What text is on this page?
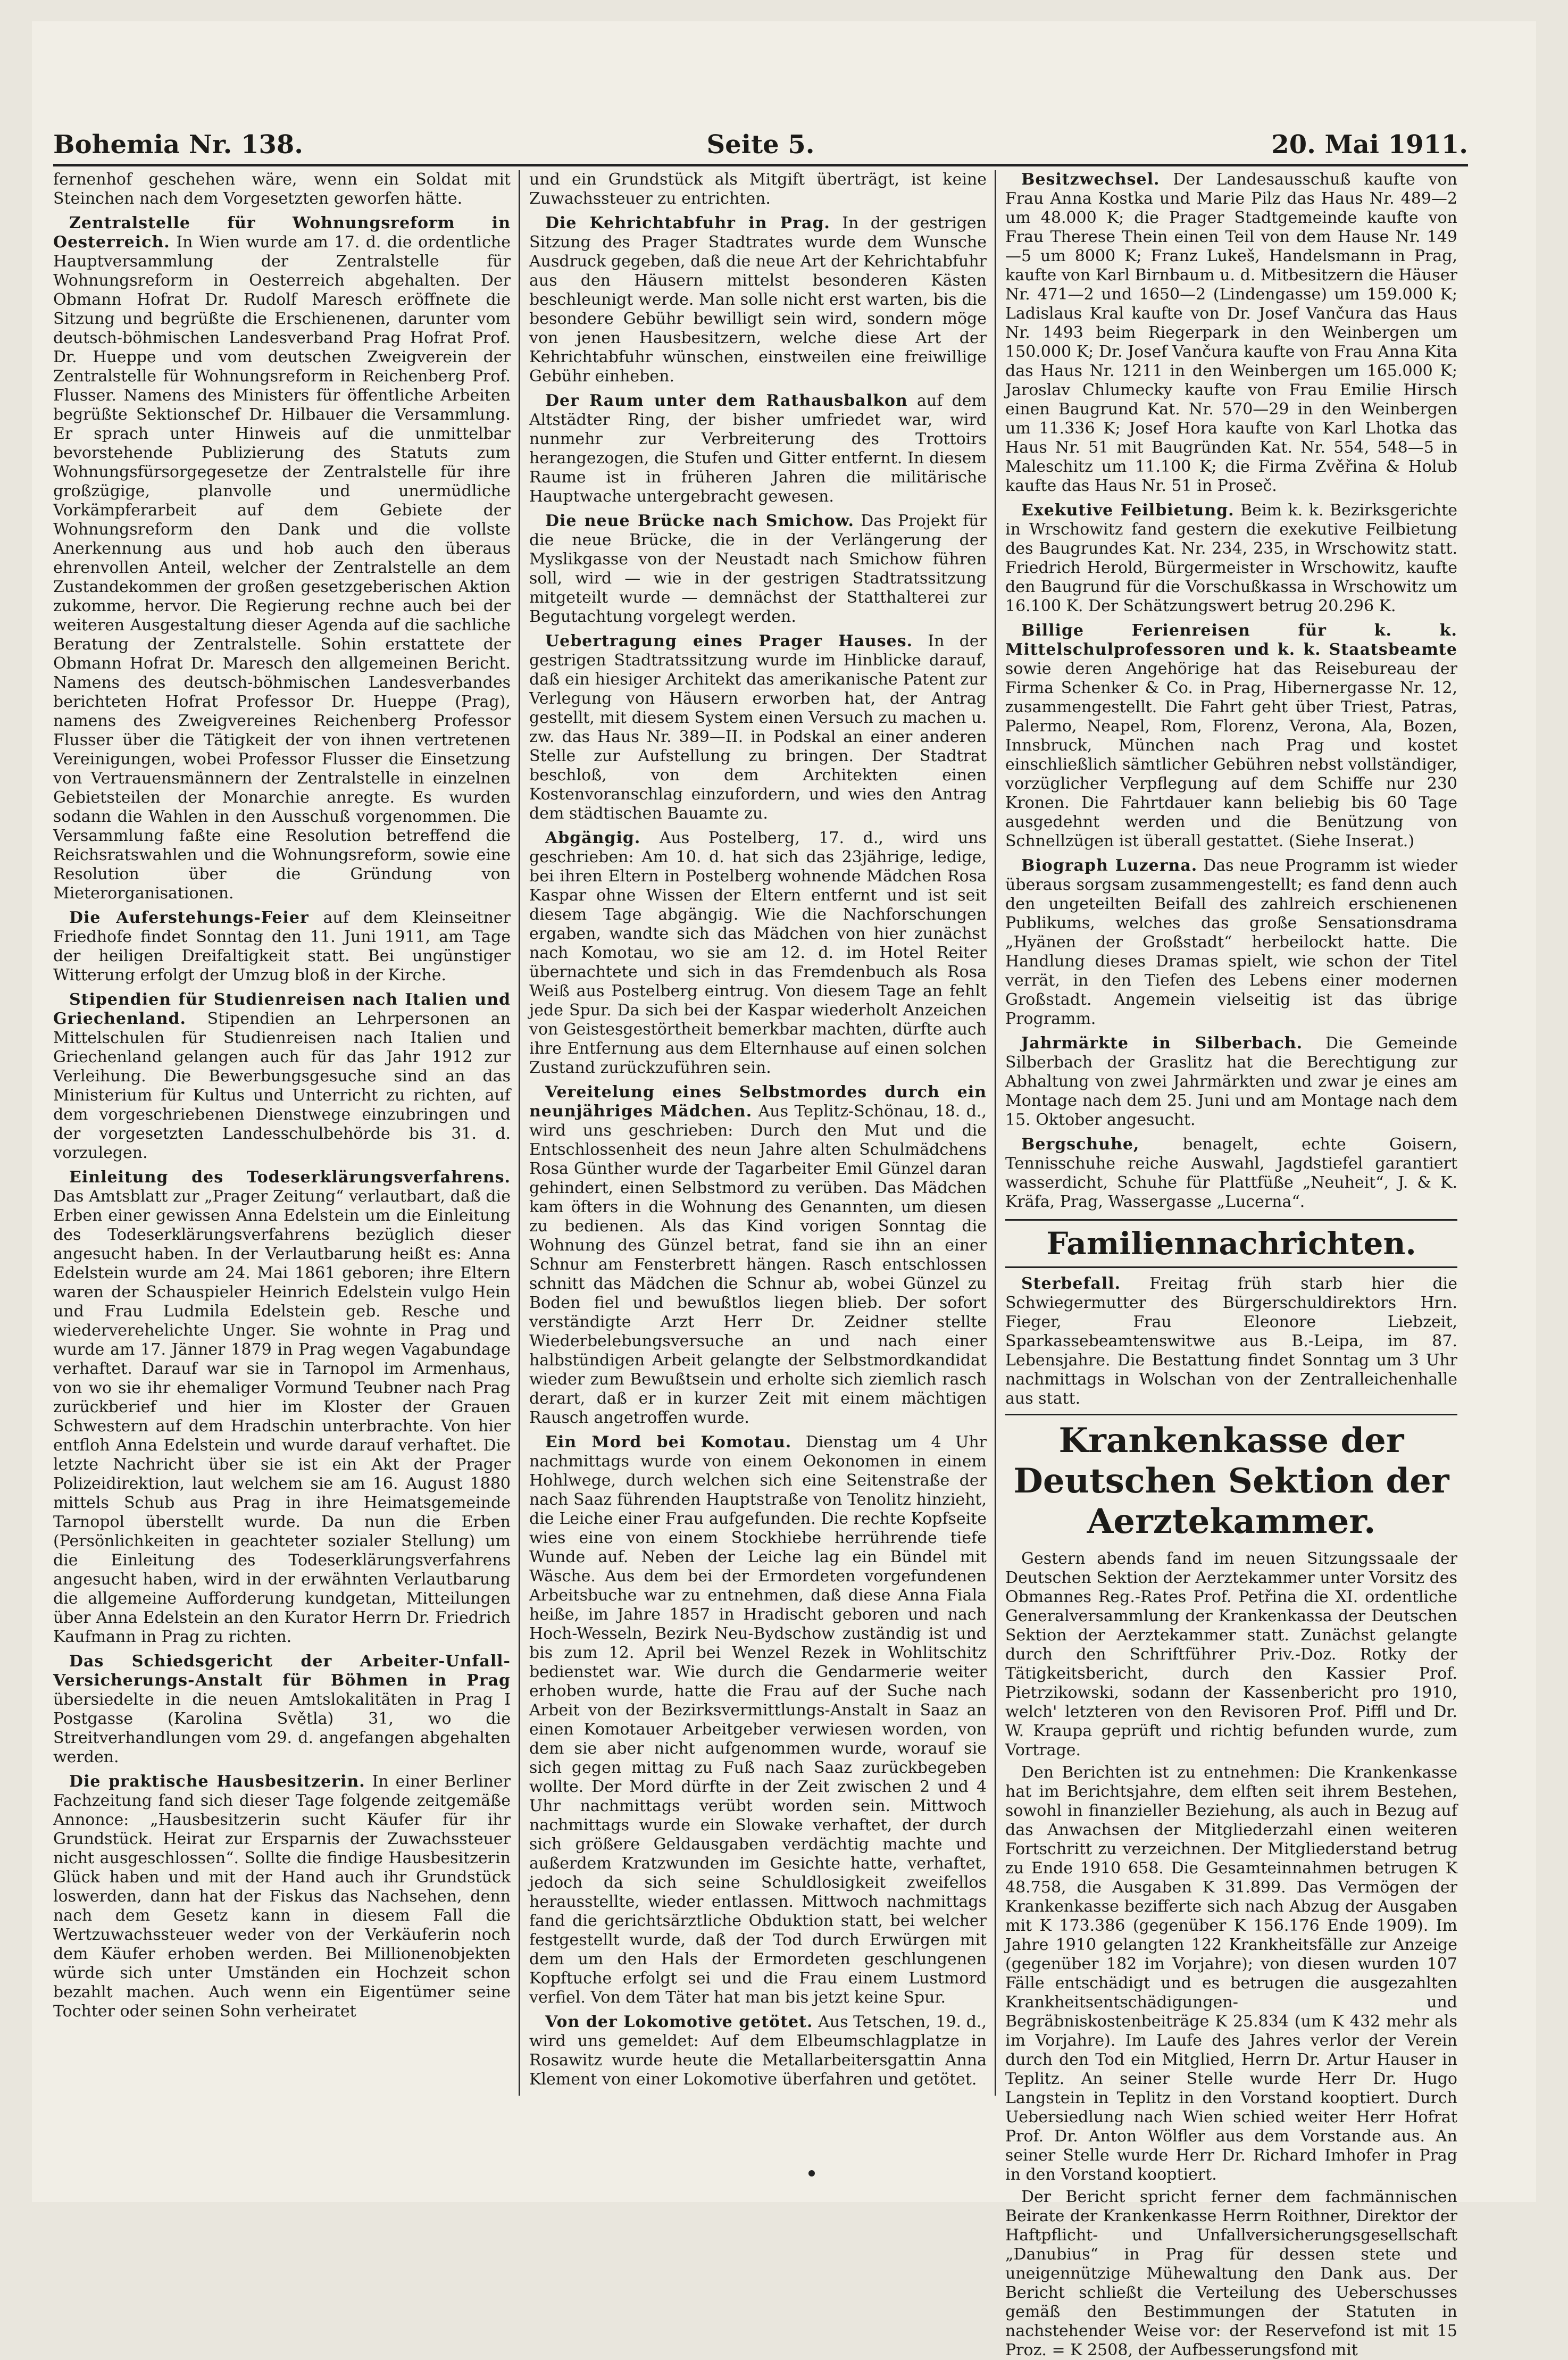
Bohemia Nr. 138.	Seite 5.	20. Mai 1911.

fernenhof geschehen wäre, wenn ein Soldat mit Steinchen nach dem Vorgesetzten geworfen hätte.

Zentralstelle für Wohnungsreform in Oesterreich. In Wien wurde am 17. d. die ordentliche Hauptversammlung der Zentralstelle für Wohnungsreform in Oesterreich abgehalten. Der Obmann Hofrat Dr. Rudolf Maresch eröffnete die Sitzung und begrüßte die Erschienenen, darunter vom deutsch-böhmischen Landesverband Prag Hofrat Prof. Dr. Hueppe und vom deutschen Zweigverein der Zentralstelle für Wohnungsreform in Reichenberg Prof. Flusser. Namens des Ministers für öffentliche Arbeiten begrüßte Sektionschef Dr. Hilbauer die Versammlung. Er sprach unter Hinweis auf die unmittelbar bevorstehende Publizierung des Statuts zum Wohnungsfürsorgegesetze der Zentralstelle für ihre großzügige, planvolle und unermüdliche Vorkämpferarbeit auf dem Gebiete der Wohnungsreform den Dank und die vollste Anerkennung aus und hob auch den überaus ehrenvollen Anteil, welcher der Zentralstelle an dem Zustandekommen der großen gesetzgeberischen Aktion zukomme, hervor. Die Regierung rechne auch bei der weiteren Ausgestaltung dieser Agenda auf die sachliche Beratung der Zentralstelle. Sohin erstattete der Obmann Hofrat Dr. Maresch den allgemeinen Bericht. Namens des deutsch-böhmischen Landesverbandes berichteten Hofrat Professor Dr. Hueppe (Prag), namens des Zweigvereines Reichenberg Professor Flusser über die Tätigkeit der von ihnen vertretenen Vereinigungen, wobei Professor Flusser die Einsetzung von Vertrauensmännern der Zentralstelle in einzelnen Gebietsteilen der Monarchie anregte. Es wurden sodann die Wahlen in den Ausschuß vorgenommen. Die Versammlung faßte eine Resolution betreffend die Reichsratswahlen und die Wohnungsreform, sowie eine Resolution über die Gründung von Mieterorganisationen.

Die Auferstehungs-Feier auf dem Kleinseitner Friedhofe findet Sonntag den 11. Juni 1911, am Tage der heiligen Dreifaltigkeit statt. Bei ungünstiger Witterung erfolgt der Umzug bloß in der Kirche.

Stipendien für Studienreisen nach Italien und Griechenland. Stipendien an Lehrpersonen an Mittelschulen für Studienreisen nach Italien und Griechenland gelangen auch für das Jahr 1912 zur Verleihung. Die Bewerbungsgesuche sind an das Ministerium für Kultus und Unterricht zu richten, auf dem vorgeschriebenen Dienstwege einzubringen und der vorgesetzten Landesschulbehörde bis 31. d. vorzulegen.

Einleitung des Todeserklärungsverfahrens. Das Amtsblatt zur „Prager Zeitung“ verlautbart, daß die Erben einer gewissen Anna Edelstein um die Einleitung des Todeserklärungsverfahrens bezüglich dieser angesucht haben. In der Verlautbarung heißt es: Anna Edelstein wurde am 24. Mai 1861 geboren; ihre Eltern waren der Schauspieler Heinrich Edelstein vulgo Hein und Frau Ludmila Edelstein geb. Resche und wiederverehelichte Unger. Sie wohnte in Prag und wurde am 17. Jänner 1879 in Prag wegen Vagabundage verhaftet. Darauf war sie in Tarnopol im Armenhaus, von wo sie ihr ehemaliger Vormund Teubner nach Prag zurückberief und hier im Kloster der Grauen Schwestern auf dem Hradschin unterbrachte. Von hier entfloh Anna Edelstein und wurde darauf verhaftet. Die letzte Nachricht über sie ist ein Akt der Prager Polizeidirektion, laut welchem sie am 16. August 1880 mittels Schub aus Prag in ihre Heimatsgemeinde Tarnopol überstellt wurde. Da nun die Erben (Persönlichkeiten in geachteter sozialer Stellung) um die Einleitung des Todeserklärungsverfahrens angesucht haben, wird in der erwähnten Verlautbarung die allgemeine Aufforderung kundgetan, Mitteilungen über Anna Edelstein an den Kurator Herrn Dr. Friedrich Kaufmann in Prag zu richten.

Das Schiedsgericht der Arbeiter-Unfall-Versicherungs-Anstalt für Böhmen in Prag übersiedelte in die neuen Amtslokalitäten in Prag I Postgasse (Karolina Světla) 31, wo die Streitverhandlungen vom 29. d. angefangen abgehalten werden.

Die praktische Hausbesitzerin. In einer Berliner Fachzeitung fand sich dieser Tage folgende zeitgemäße Annonce: „Hausbesitzerin sucht Käufer für ihr Grundstück. Heirat zur Ersparnis der Zuwachssteuer nicht ausgeschlossen“. Sollte die findige Hausbesitzerin Glück haben und mit der Hand auch ihr Grundstück loswerden, dann hat der Fiskus das Nachsehen, denn nach dem Gesetz kann in diesem Fall die Wertzuwachssteuer weder von der Verkäuferin noch dem Käufer erhoben werden. Bei Millionenobjekten würde sich unter Umständen ein Hochzeit schon bezahlt machen. Auch wenn ein Eigentümer seine Tochter oder seinen Sohn verheiratet

und ein Grundstück als Mitgift überträgt, ist keine Zuwachssteuer zu entrichten.

Die Kehrichtabfuhr in Prag. In der gestrigen Sitzung des Prager Stadtrates wurde dem Wunsche Ausdruck gegeben, daß die neue Art der Kehrichtabfuhr aus den Häusern mittelst besonderen Kästen beschleunigt werde. Man solle nicht erst warten, bis die besondere Gebühr bewilligt sein wird, sondern möge von jenen Hausbesitzern, welche diese Art der Kehrichtabfuhr wünschen, einstweilen eine freiwillige Gebühr einheben.

Der Raum unter dem Rathausbalkon auf dem Altstädter Ring, der bisher umfriedet war, wird nunmehr zur Verbreiterung des Trottoirs herangezogen, die Stufen und Gitter entfernt. In diesem Raume ist in früheren Jahren die militärische Hauptwache untergebracht gewesen.

Die neue Brücke nach Smichow. Das Projekt für die neue Brücke, die in der Verlängerung der Myslikgasse von der Neustadt nach Smichow führen soll, wird — wie in der gestrigen Stadtratssitzung mitgeteilt wurde — demnächst der Statthalterei zur Begutachtung vorgelegt werden.

Uebertragung eines Prager Hauses. In der gestrigen Stadtratssitzung wurde im Hinblicke darauf, daß ein hiesiger Architekt das amerikanische Patent zur Verlegung von Häusern erworben hat, der Antrag gestellt, mit diesem System einen Versuch zu machen u. zw. das Haus Nr. 389—II. in Podskal an einer anderen Stelle zur Aufstellung zu bringen. Der Stadtrat beschloß, von dem Architekten einen Kostenvoranschlag einzufordern, und wies den Antrag dem städtischen Bauamte zu.

Abgängig. Aus Postelberg, 17. d., wird uns geschrieben: Am 10. d. hat sich das 23jährige, ledige, bei ihren Eltern in Postelberg wohnende Mädchen Rosa Kaspar ohne Wissen der Eltern entfernt und ist seit diesem Tage abgängig. Wie die Nachforschungen ergaben, wandte sich das Mädchen von hier zunächst nach Komotau, wo sie am 12. d. im Hotel Reiter übernachtete und sich in das Fremdenbuch als Rosa Weiß aus Postelberg eintrug. Von diesem Tage an fehlt jede Spur. Da sich bei der Kaspar wiederholt Anzeichen von Geistesgestörtheit bemerkbar machten, dürfte auch ihre Entfernung aus dem Elternhause auf einen solchen Zustand zurückzuführen sein.

Vereitelung eines Selbstmordes durch ein neunjähriges Mädchen. Aus Teplitz-Schönau, 18. d., wird uns geschrieben: Durch den Mut und die Entschlossenheit des neun Jahre alten Schulmädchens Rosa Günther wurde der Tagarbeiter Emil Günzel daran gehindert, einen Selbstmord zu verüben. Das Mädchen kam öfters in die Wohnung des Genannten, um diesen zu bedienen. Als das Kind vorigen Sonntag die Wohnung des Günzel betrat, fand sie ihn an einer Schnur am Fensterbrett hängen. Rasch entschlossen schnitt das Mädchen die Schnur ab, wobei Günzel zu Boden fiel und bewußtlos liegen blieb. Der sofort verständigte Arzt Herr Dr. Zeidner stellte Wiederbelebungsversuche an und nach einer halbstündigen Arbeit gelangte der Selbstmordkandidat wieder zum Bewußtsein und erholte sich ziemlich rasch derart, daß er in kurzer Zeit mit einem mächtigen Rausch angetroffen wurde.

Ein Mord bei Komotau. Dienstag um 4 Uhr nachmittags wurde von einem Oekonomen in einem Hohlwege, durch welchen sich eine Seitenstraße der nach Saaz führenden Hauptstraße von Tenolitz hinzieht, die Leiche einer Frau aufgefunden. Die rechte Kopfseite wies eine von einem Stockhiebe herrührende tiefe Wunde auf. Neben der Leiche lag ein Bündel mit Wäsche. Aus dem bei der Ermordeten vorgefundenen Arbeitsbuche war zu entnehmen, daß diese Anna Fiala heiße, im Jahre 1857 in Hradischt geboren und nach Hoch-Wesseln, Bezirk Neu-Bydschow zuständig ist und bis zum 12. April bei Wenzel Rezek in Wohlitschitz bedienstet war. Wie durch die Gendarmerie weiter erhoben wurde, hatte die Frau auf der Suche nach Arbeit von der Bezirksvermittlungs-Anstalt in Saaz an einen Komotauer Arbeitgeber verwiesen worden, von dem sie aber nicht aufgenommen wurde, worauf sie sich gegen mittag zu Fuß nach Saaz zurückbegeben wollte. Der Mord dürfte in der Zeit zwischen 2 und 4 Uhr nachmittags verübt worden sein. Mittwoch nachmittags wurde ein Slowake verhaftet, der durch sich größere Geldausgaben verdächtig machte und außerdem Kratzwunden im Gesichte hatte, verhaftet, jedoch da sich seine Schuldlosigkeit zweifellos herausstellte, wieder entlassen. Mittwoch nachmittags fand die gerichtsärztliche Obduktion statt, bei welcher festgestellt wurde, daß der Tod durch Erwürgen mit dem um den Hals der Ermordeten geschlungenen Kopftuche erfolgt sei und die Frau einem Lustmord verfiel. Von dem Täter hat man bis jetzt keine Spur.

Von der Lokomotive getötet. Aus Tetschen, 19. d., wird uns gemeldet: Auf dem Elbeumschlagplatze in Rosawitz wurde heute die Metallarbeitersgattin Anna Klement von einer Lokomotive überfahren und getötet.

Besitzwechsel. Der Landesausschuß kaufte von Frau Anna Kostka und Marie Pilz das Haus Nr. 489—2 um 48.000 K; die Prager Stadtgemeinde kaufte von Frau Therese Thein einen Teil von dem Hause Nr. 149—5 um 8000 K; Franz Lukeš, Handelsmann in Prag, kaufte von Karl Birnbaum u. d. Mitbesitzern die Häuser Nr. 471—2 und 1650—2 (Lindengasse) um 159.000 K; Ladislaus Kral kaufte von Dr. Josef Vančura das Haus Nr. 1493 beim Riegerpark in den Weinbergen um 150.000 K; Dr. Josef Vančura kaufte von Frau Anna Kita das Haus Nr. 1211 in den Weinbergen um 165.000 K; Jaroslav Chlumecky kaufte von Frau Emilie Hirsch einen Baugrund Kat. Nr. 570—29 in den Weinbergen um 11.336 K; Josef Hora kaufte von Karl Lhotka das Haus Nr. 51 mit Baugründen Kat. Nr. 554, 548—5 in Maleschitz um 11.100 K; die Firma Zvěřina & Holub kaufte das Haus Nr. 51 in Proseč.

Exekutive Feilbietung. Beim k. k. Bezirksgerichte in Wrschowitz fand gestern die exekutive Feilbietung des Baugrundes Kat. Nr. 234, 235, in Wrschowitz statt. Friedrich Herold, Bürgermeister in Wrschowitz, kaufte den Baugrund für die Vorschußkassa in Wrschowitz um 16.100 K. Der Schätzungswert betrug 20.296 K.

Billige Ferienreisen für k. k. Mittelschulprofessoren und k. k. Staatsbeamte sowie deren Angehörige hat das Reisebureau der Firma Schenker & Co. in Prag, Hibernergasse Nr. 12, zusammengestellt. Die Fahrt geht über Triest, Patras, Palermo, Neapel, Rom, Florenz, Verona, Ala, Bozen, Innsbruck, München nach Prag und kostet einschließlich sämtlicher Gebühren nebst vollständiger, vorzüglicher Verpflegung auf dem Schiffe nur 230 Kronen. Die Fahrtdauer kann beliebig bis 60 Tage ausgedehnt werden und die Benützung von Schnellzügen ist überall gestattet. (Siehe Inserat.)

Biograph Luzerna. Das neue Programm ist wieder überaus sorgsam zusammengestellt; es fand denn auch den ungeteilten Beifall des zahlreich erschienenen Publikums, welches das große Sensationsdrama „Hyänen der Großstadt“ herbeilockt hatte. Die Handlung dieses Dramas spielt, wie schon der Titel verrät, in den Tiefen des Lebens einer modernen Großstadt. Angemein vielseitig ist das übrige Programm.

Jahrmärkte in Silberbach. Die Gemeinde Silberbach der Graslitz hat die Berechtigung zur Abhaltung von zwei Jahrmärkten und zwar je eines am Montage nach dem 25. Juni und am Montage nach dem 15. Oktober angesucht.

Bergschuhe,	benagelt, echte Goisern, Tennisschuhe reiche Auswahl, Jagdstiefel garantiert wasserdicht, Schuhe für Plattfüße „Neuheit“, J. & K. Kräfa, Prag, Wassergasse „Lucerna“.

Familiennachrichten.

Sterbefall. Freitag früh starb hier die Schwiegermutter des Bürgerschuldirektors Hrn. Fieger, Frau Eleonore Liebzeit, Sparkassebeamtenswitwe aus B.-Leipa, im 87. Lebensjahre. Die Bestattung findet Sonntag um 3 Uhr nachmittags in Wolschan von der Zentralleichenhalle aus statt.

Krankenkasse der Deutschen Sektion der Aerztekammer.

Gestern abends fand im neuen Sitzungssaale der Deutschen Sektion der Aerztekammer unter Vorsitz des Obmannes Reg.-Rates Prof. Petřina die XI. ordentliche Generalversammlung der Krankenkassa der Deutschen Sektion der Aerztekammer statt. Zunächst gelangte durch den Schriftführer Priv.-Doz. Rotky der Tätigkeitsbericht, durch den Kassier Prof. Pietrzikowski, sodann der Kassenbericht pro 1910, welch' letzteren von den Revisoren Prof. Piffl und Dr. W. Kraupa geprüft und richtig befunden wurde, zum Vortrage.

Den Berichten ist zu entnehmen: Die Krankenkasse hat im Berichtsjahre, dem elften seit ihrem Bestehen, sowohl in finanzieller Beziehung, als auch in Bezug auf das Anwachsen der Mitgliederzahl einen weiteren Fortschritt zu verzeichnen. Der Mitgliederstand betrug zu Ende 1910 658. Die Gesamteinnahmen betrugen K 48.758, die Ausgaben K 31.899. Das Vermögen der Krankenkasse bezifferte sich nach Abzug der Ausgaben mit K 173.386 (gegenüber K 156.176 Ende 1909). Im Jahre 1910 gelangten 122 Krankheitsfälle zur Anzeige (gegenüber 182 im Vorjahre); von diesen wurden 107 Fälle entschädigt und es betrugen die ausgezahlten Krankheitsentschädigungen- und Begräbniskostenbeiträge K 25.834 (um K 432 mehr als im Vorjahre). Im Laufe des Jahres verlor der Verein durch den Tod ein Mitglied, Herrn Dr. Artur Hauser in Teplitz. An seiner Stelle wurde Herr Dr. Hugo Langstein in Teplitz in den Vorstand kooptiert. Durch Uebersiedlung nach Wien schied weiter Herr Hofrat Prof. Dr. Anton Wölfler aus dem Vorstande aus. An seiner Stelle wurde Herr Dr. Richard Imhofer in Prag in den Vorstand kooptiert.

Der Bericht spricht ferner dem fachmännischen Beirate der Krankenkasse Herrn Roithner, Direktor der Haftpflicht- und Unfallversicherungsgesellschaft „Danubius“ in Prag für dessen stete und uneigennützige Mühewaltung den Dank aus. Der Bericht schließt die Verteilung des Ueberschusses gemäß den Bestimmungen der Statuten in nachstehender Weise vor: der Reservefond ist mit 15 Proz. = K 2508, der Aufbesserungsfond mit
